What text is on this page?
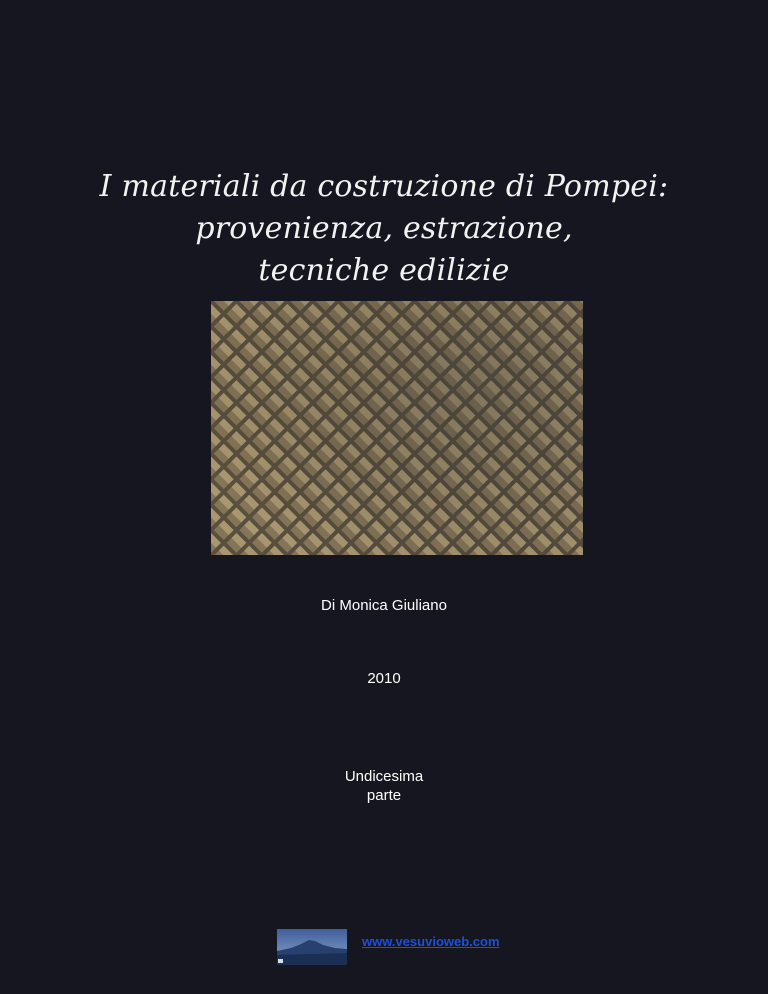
I materiali da costruzione di Pompei:
provenienza, estrazione,
tecniche edilizie
Di Monica Giuliano
2010
Undicesima
parte
www.vesuvioweb.com
